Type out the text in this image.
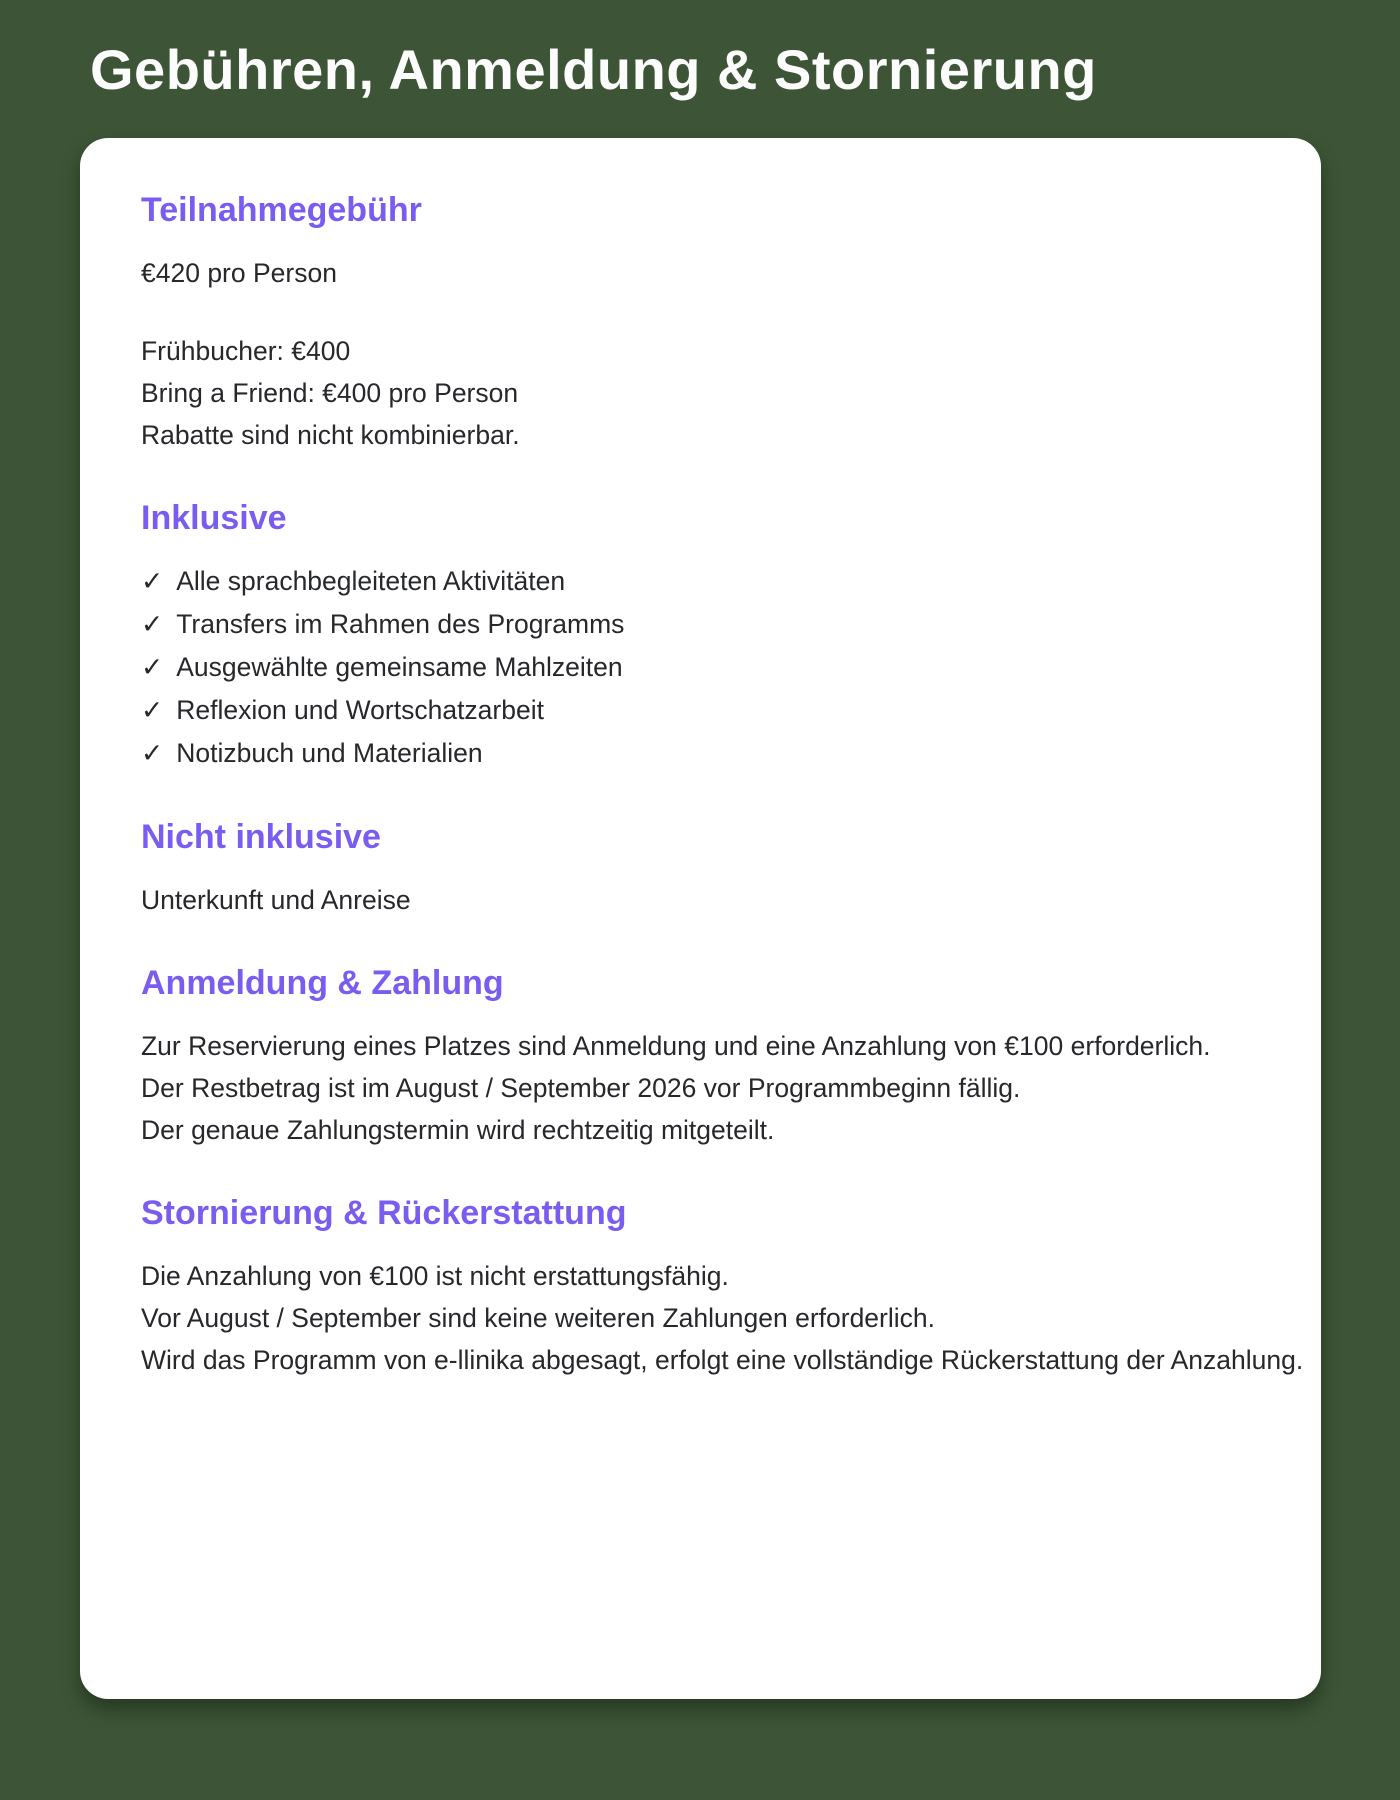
Gebühren, Anmeldung & Stornierung
Teilnahmegebühr

€420 pro Person

Frühbucher: €400

Bring a Friend: €400 pro Person

Rabatte sind nicht kombinierbar.

Inklusive
✓ Alle sprachbegleiteten Aktivitäten
✓ Transfers im Rahmen des Programms
✓ Ausgewählte gemeinsame Mahlzeiten
✓ Reflexion und Wortschatzarbeit
✓ Notizbuch und Materialien
Nicht inklusive

Unterkunft und Anreise

Anmeldung & Zahlung

Zur Reservierung eines Platzes sind Anmeldung und eine Anzahlung von €100 erforderlich.

Der Restbetrag ist im August / September 2026 vor Programmbeginn fällig.

Der genaue Zahlungstermin wird rechtzeitig mitgeteilt.

Stornierung & Rückerstattung

Die Anzahlung von €100 ist nicht erstattungsfähig.

Vor August / September sind keine weiteren Zahlungen erforderlich.

Wird das Programm von e-llinika abgesagt, erfolgt eine vollständige Rückerstattung der Anzahlung.
